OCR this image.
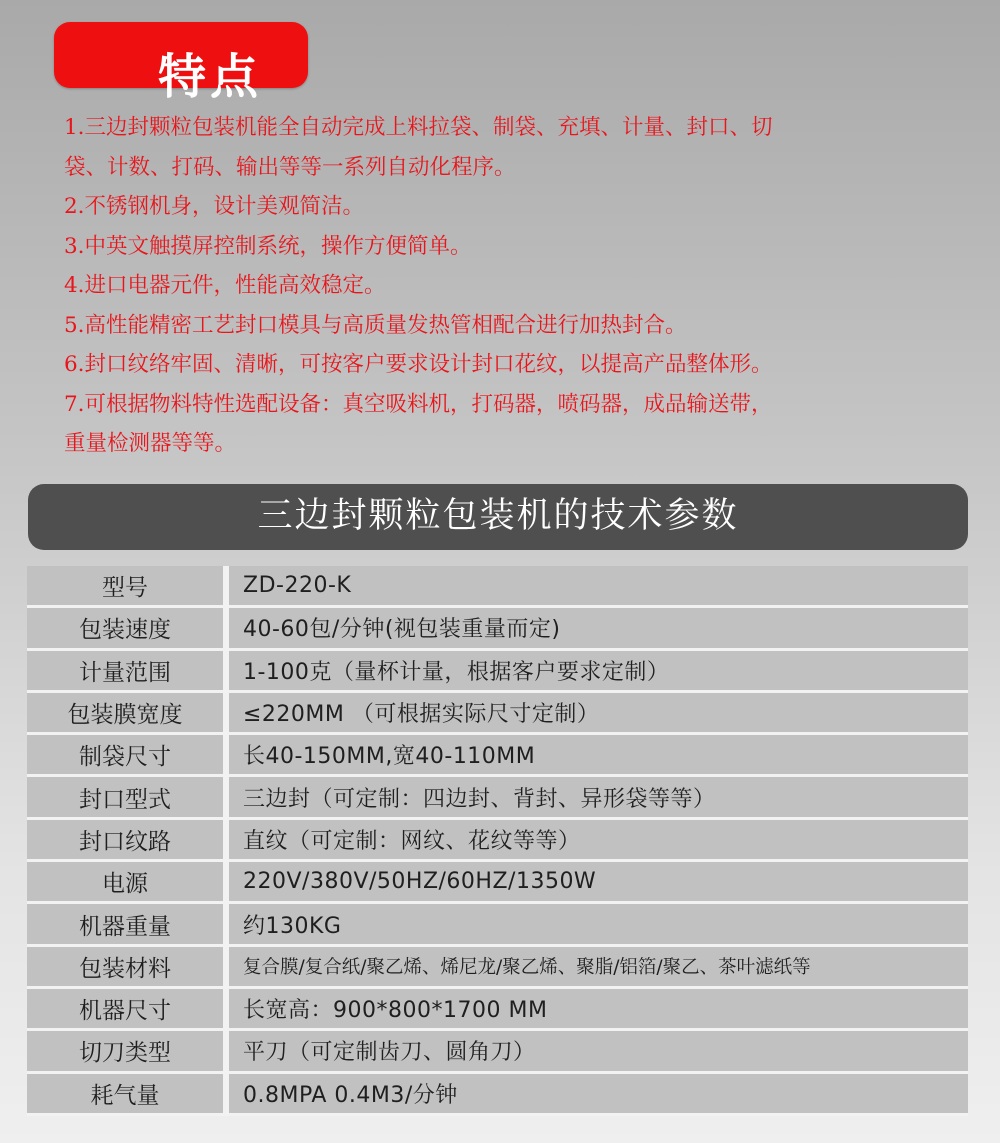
特点
1.三边封颗粒包装机能全自动完成上料拉袋、制袋、充填、计量、封口、切
袋、计数、打码、输出等等一系列自动化程序。
2.不锈钢机身，设计美观简洁。
3.中英文触摸屏控制系统，操作方便简单。
4.进口电器元件，性能高效稳定。
5.高性能精密工艺封口模具与高质量发热管相配合进行加热封合。
6.封口纹络牢固、清晰，可按客户要求设计封口花纹，以提高产品整体形。
7.可根据物料特性选配设备：真空吸料机，打码器，喷码器，成品输送带，
重量检测器等等。
三边封颗粒包装机的技术参数
型号	ZD-220-K
包装速度	40-60包/分钟(视包装重量而定)
计量范围	1-100克（量杯计量，根据客户要求定制）
包装膜宽度	≤220MM （可根据实际尺寸定制）
制袋尺寸	长40-150MM,宽40-110MM
封口型式	三边封（可定制：四边封、背封、异形袋等等）
封口纹路	直纹（可定制：网纹、花纹等等）
电源	220V/380V/50HZ/60HZ/1350W
机器重量	约130KG
包装材料	复合膜/复合纸/聚乙烯、烯尼龙/聚乙烯、聚脂/铝箔/聚乙、茶叶滤纸等
机器尺寸	长宽高：900*800*1700 MM
切刀类型	平刀（可定制齿刀、圆角刀）
耗气量	0.8MPA 0.4M3/分钟
